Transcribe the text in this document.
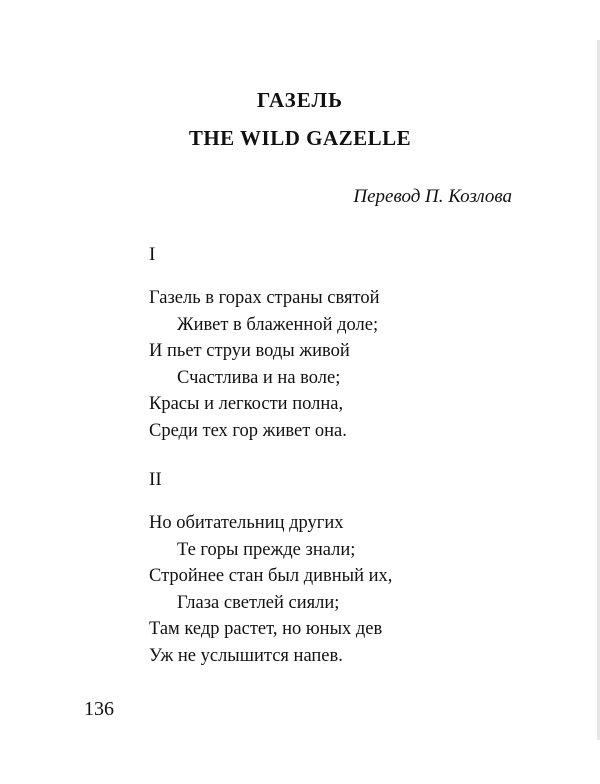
ГАЗЕЛЬ
THE WILD GAZELLE
Перевод П. Козлова
I
Газель в горах страны святой
Живет в блаженной доле;
И пьет струи воды живой
Счастлива и на воле;
Красы и легкости полна,
Среди тех гор живет она.
II
Но обитательниц других
Те горы прежде знали;
Стройнее стан был дивный их,
Глаза светлей сияли;
Там кедр растет, но юных дев
Уж не услышится напев.
136
